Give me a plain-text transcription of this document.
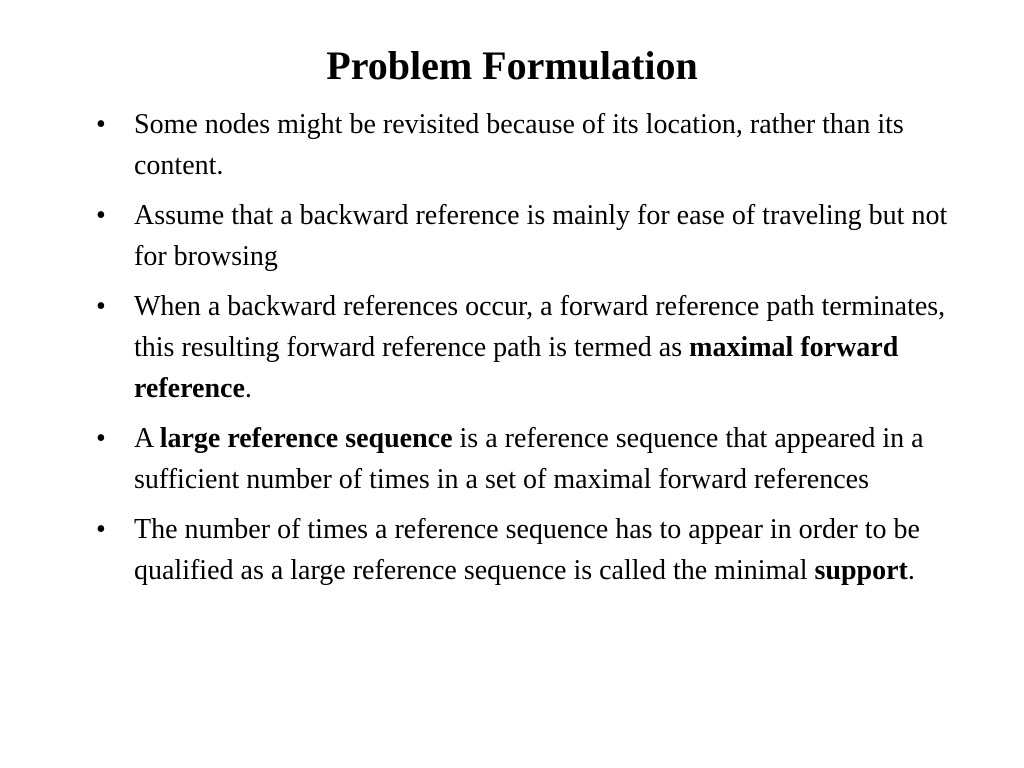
Problem Formulation
• Some nodes might be revisited because of its location, rather than its content.
• Assume that a backward reference is mainly for ease of traveling but not for browsing
• When a backward references occur, a forward reference path terminates, this resulting forward reference path is termed as maximal forward reference.
• A large reference sequence is a reference sequence that appeared in a sufficient number of times in a set of maximal forward references
• The number of times a reference sequence has to appear in order to be qualified as a large reference sequence is called the minimal support.
